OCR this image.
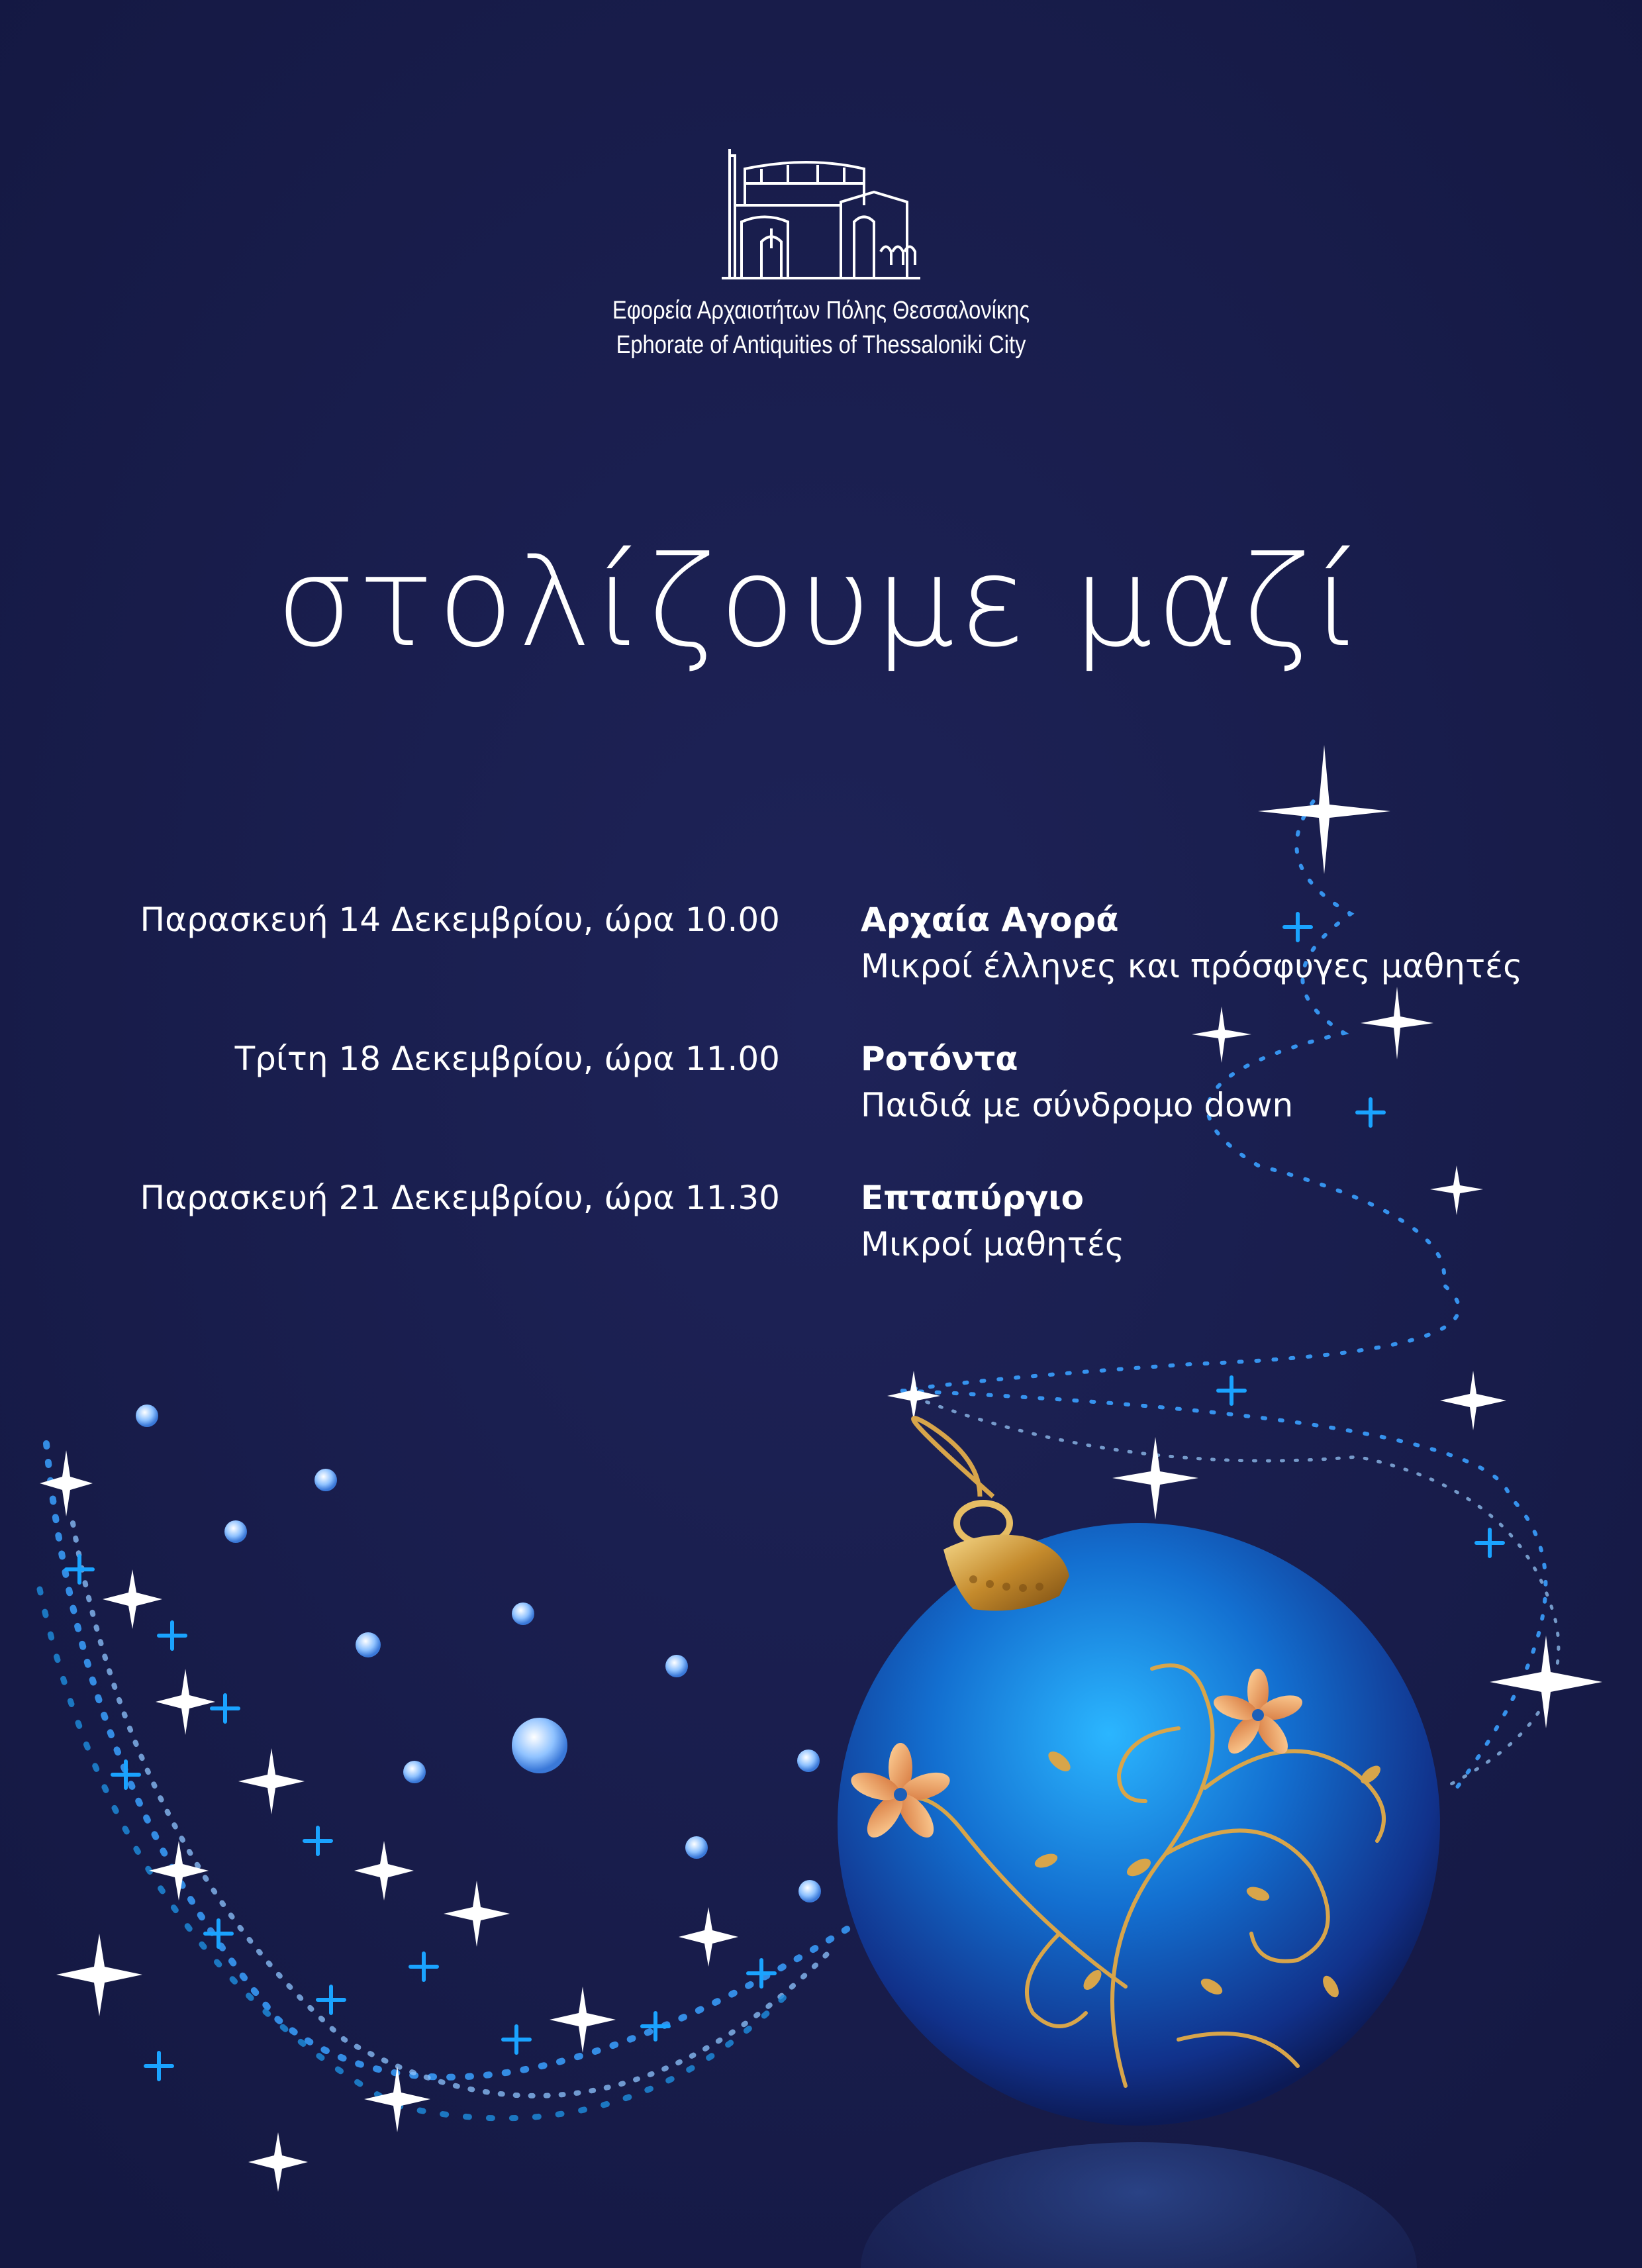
Εφορεία Αρχαιοτήτων Πόλης Θεσσαλονίκης
Ephorate of Antiquities of Thessaloniki City
στολίζουμε μαζί
Παρασκευή 14 Δεκεμβρίου, ώρα 10.00 Αρχαία Αγορά
Μικροί έλληνες και πρόσφυγες μαθητές
Τρίτη 18 Δεκεμβρίου, ώρα 11.00 Ροτόντα
Παιδιά με σύνδρομο down
Παρασκευή 21 Δεκεμβρίου, ώρα 11.30 Επταπύργιο
Μικροί μαθητές
